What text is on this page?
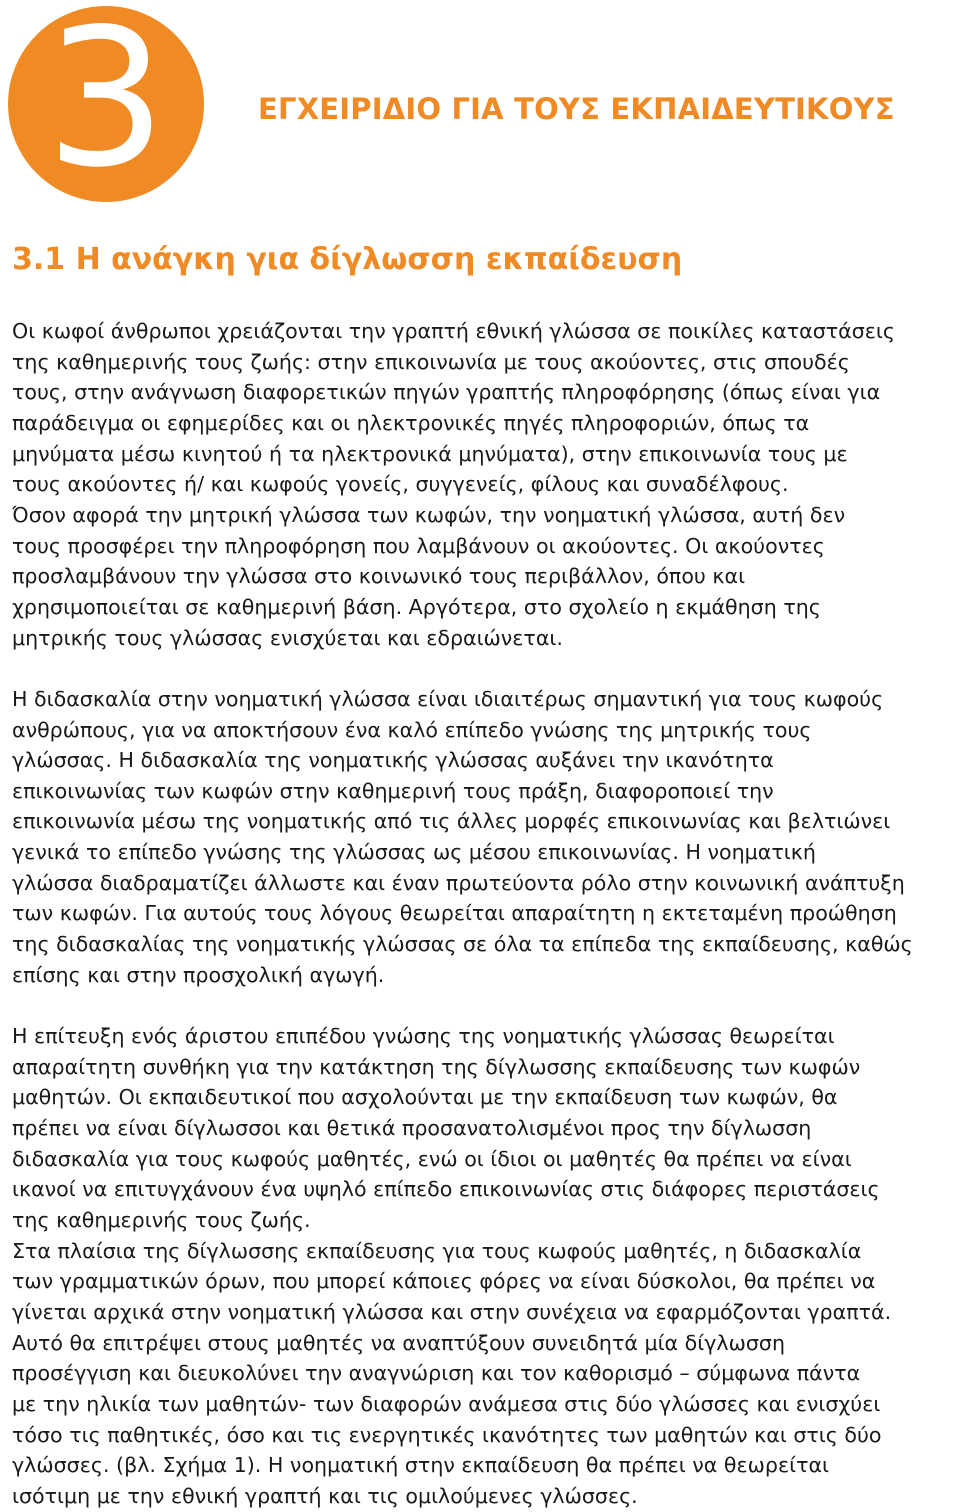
3	ΕΓΧΕΙΡΙΔΙΟ ΓΙΑ ΤΟΥΣ ΕΚΠΑΙΔΕΥΤΙΚΟΥΣ
3.1 Η ανάγκη για δίγλωσση εκπαίδευση
Οι κωφοί άνθρωποι χρειάζονται την γραπτή εθνική γλώσσα σε ποικίλες καταστάσεις
της καθημερινής τους ζωής: στην επικοινωνία με τους ακούοντες, στις σπουδές
τους, στην ανάγνωση διαφορετικών πηγών γραπτής πληροφόρησης (όπως είναι για
παράδειγμα οι εφημερίδες και οι ηλεκτρονικές πηγές πληροφοριών, όπως τα
μηνύματα μέσω κινητού ή τα ηλεκτρονικά μηνύματα), στην επικοινωνία τους με
τους ακούοντες ή/ και κωφούς γονείς, συγγενείς, φίλους και συναδέλφους.
Όσον αφορά την μητρική γλώσσα των κωφών, την νοηματική γλώσσα, αυτή δεν
τους προσφέρει την πληροφόρηση που λαμβάνουν οι ακούοντες. Οι ακούοντες
προσλαμβάνουν την γλώσσα στο κοινωνικό τους περιβάλλον, όπου και
χρησιμοποιείται σε καθημερινή βάση. Αργότερα, στο σχολείο η εκμάθηση της
μητρικής τους γλώσσας ενισχύεται και εδραιώνεται.
Η διδασκαλία στην νοηματική γλώσσα είναι ιδιαιτέρως σημαντική για τους κωφούς
ανθρώπους, για να αποκτήσουν ένα καλό επίπεδο γνώσης της μητρικής τους
γλώσσας. Η διδασκαλία της νοηματικής γλώσσας αυξάνει την ικανότητα
επικοινωνίας των κωφών στην καθημερινή τους πράξη, διαφοροποιεί την
επικοινωνία μέσω της νοηματικής από τις άλλες μορφές επικοινωνίας και βελτιώνει
γενικά το επίπεδο γνώσης της γλώσσας ως μέσου επικοινωνίας. Η νοηματική
γλώσσα διαδραματίζει άλλωστε και έναν πρωτεύοντα ρόλο στην κοινωνική ανάπτυξη
των κωφών. Για αυτούς τους λόγους θεωρείται απαραίτητη η εκτεταμένη προώθηση
της διδασκαλίας της νοηματικής γλώσσας σε όλα τα επίπεδα της εκπαίδευσης, καθώς
επίσης και στην προσχολική αγωγή.
Η επίτευξη ενός άριστου επιπέδου γνώσης της νοηματικής γλώσσας θεωρείται
απαραίτητη συνθήκη για την κατάκτηση της δίγλωσσης εκπαίδευσης των κωφών
μαθητών. Οι εκπαιδευτικοί που ασχολούνται με την εκπαίδευση των κωφών, θα
πρέπει να είναι δίγλωσσοι και θετικά προσανατολισμένοι προς την δίγλωσση
διδασκαλία για τους κωφούς μαθητές, ενώ οι ίδιοι οι μαθητές θα πρέπει να είναι
ικανοί να επιτυγχάνουν ένα υψηλό επίπεδο επικοινωνίας στις διάφορες περιστάσεις
της καθημερινής τους ζωής.
Στα πλαίσια της δίγλωσσης εκπαίδευσης για τους κωφούς μαθητές, η διδασκαλία
των γραμματικών όρων, που μπορεί κάποιες φόρες να είναι δύσκολοι, θα πρέπει να
γίνεται αρχικά στην νοηματική γλώσσα και στην συνέχεια να εφαρμόζονται γραπτά.
Αυτό θα επιτρέψει στους μαθητές να αναπτύξουν συνειδητά μία δίγλωσση
προσέγγιση και διευκολύνει την αναγνώριση και τον καθορισμό – σύμφωνα πάντα
με την ηλικία των μαθητών- των διαφορών ανάμεσα στις δύο γλώσσες και ενισχύει
τόσο τις παθητικές, όσο και τις ενεργητικές ικανότητες των μαθητών και στις δύο
γλώσσες. (βλ. Σχήμα 1). Η νοηματική στην εκπαίδευση θα πρέπει να θεωρείται
ισότιμη με την εθνική γραπτή και τις ομιλούμενες γλώσσες.
